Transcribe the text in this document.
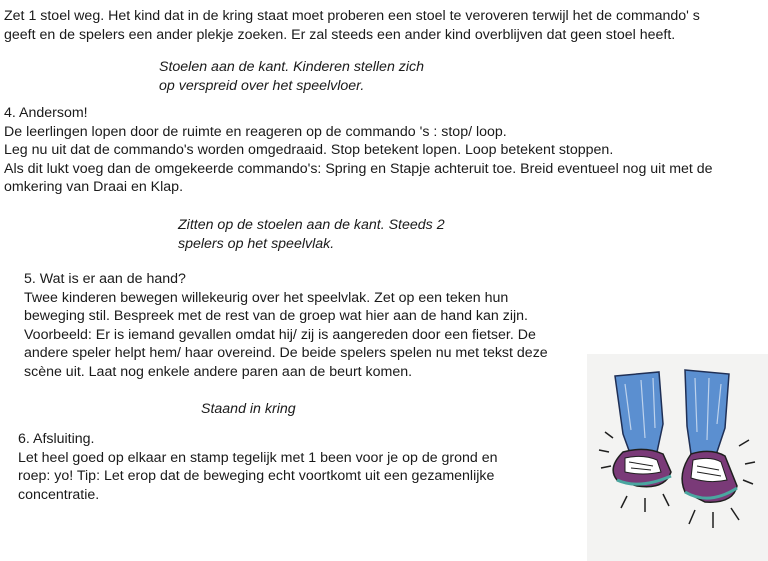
Zet 1 stoel weg. Het kind dat in de kring staat moet proberen een stoel te veroveren terwijl het de commando' s
geeft en de spelers een ander plekje zoeken. Er zal steeds een ander kind overblijven dat geen stoel heeft.
Stoelen aan de kant. Kinderen stellen zich
op verspreid over het speelvloer.
4. Andersom!
De leerlingen lopen door de ruimte en reageren op de commando 's : stop/ loop.
Leg nu uit dat de commando's worden omgedraaid. Stop betekent lopen. Loop betekent stoppen.
Als dit lukt voeg dan de omgekeerde commando's: Spring en Stapje achteruit toe. Breid eventueel nog uit met de
omkering van Draai en Klap.
Zitten op de stoelen aan de kant. Steeds 2
spelers op het speelvlak.
5. Wat is er aan de hand?
Twee kinderen bewegen willekeurig over het speelvlak. Zet op een teken hun
beweging stil. Bespreek met de rest van de groep wat hier aan de hand kan zijn.
Voorbeeld: Er is iemand gevallen omdat hij/ zij is aangereden door een fietser. De
andere speler helpt hem/ haar overeind. De beide spelers spelen nu met tekst deze
scène uit. Laat nog enkele andere paren aan de beurt komen.
Staand in kring
6. Afsluiting.
Let heel goed op elkaar en stamp tegelijk met 1 been voor je op de grond en
roep: yo! Tip: Let erop dat de beweging echt voortkomt uit een gezamenlijke
concentratie.
